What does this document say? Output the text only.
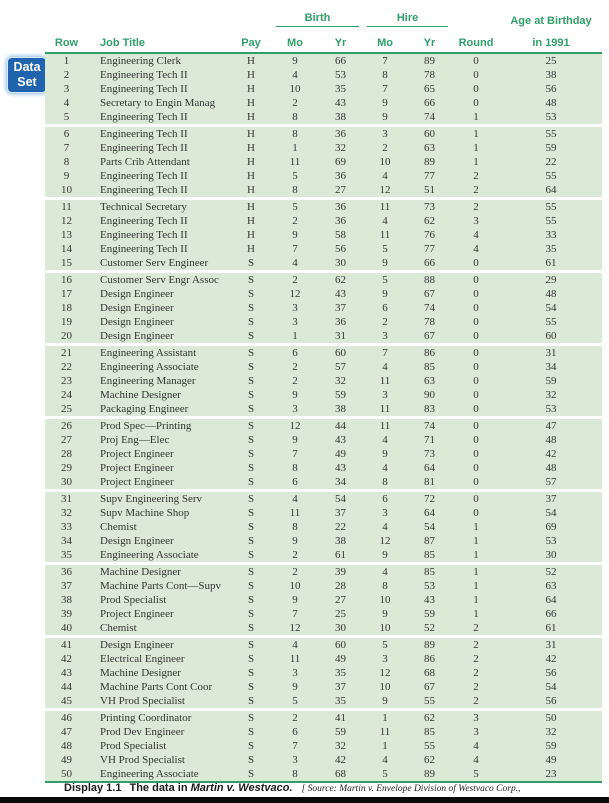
Data
Set

			Birth		Hire			Age at Birthday
Row	Job Title	Pay	Mo	Yr	Mo	Yr	Round	in 1991
1	Engineering Clerk	H	9	66	7	89	0	25
2	Engineering Tech II	H	4	53	8	78	0	38
3	Engineering Tech II	H	10	35	7	65	0	56
4	Secretary to Engin Manag	H	2	43	9	66	0	48
5	Engineering Tech II	H	8	38	9	74	1	53

6	Engineering Tech II	H	8	36	3	60	1	55
7	Engineering Tech II	H	1	32	2	63	1	59
8	Parts Crib Attendant	H	11	69	10	89	1	22
9	Engineering Tech II	H	5	36	4	77	2	55
10	Engineering Tech II	H	8	27	12	51	2	64

11	Technical Secretary	H	5	36	11	73	2	55
12	Engineering Tech II	H	2	36	4	62	3	55
13	Engineering Tech II	H	9	58	11	76	4	33
14	Engineering Tech II	H	7	56	5	77	4	35
15	Customer Serv Engineer	S	4	30	9	66	0	61

16	Customer Serv Engr Assoc	S	2	62	5	88	0	29
17	Design Engineer	S	12	43	9	67	0	48
18	Design Engineer	S	3	37	6	74	0	54
19	Design Engineer	S	3	36	2	78	0	55
20	Design Engineer	S	1	31	3	67	0	60

21	Engineering Assistant	S	6	60	7	86	0	31
22	Engineering Associate	S	2	57	4	85	0	34
23	Engineering Manager	S	2	32	11	63	0	59
24	Machine Designer	S	9	59	3	90	0	32
25	Packaging Engineer	S	3	38	11	83	0	53

26	Prod Spec—Printing	S	12	44	11	74	0	47
27	Proj Eng—Elec	S	9	43	4	71	0	48
28	Project Engineer	S	7	49	9	73	0	42
29	Project Engineer	S	8	43	4	64	0	48
30	Project Engineer	S	6	34	8	81	0	57

31	Supv Engineering Serv	S	4	54	6	72	0	37
32	Supv Machine Shop	S	11	37	3	64	0	54
33	Chemist	S	8	22	4	54	1	69
34	Design Engineer	S	9	38	12	87	1	53
35	Engineering Associate	S	2	61	9	85	1	30

36	Machine Designer	S	2	39	4	85	1	52
37	Machine Parts Cont—Supv	S	10	28	8	53	1	63
38	Prod Specialist	S	9	27	10	43	1	64
39	Project Engineer	S	7	25	9	59	1	66
40	Chemist	S	12	30	10	52	2	61

41	Design Engineer	S	4	60	5	89	2	31
42	Electrical Engineer	S	11	49	3	86	2	42
43	Machine Designer	S	3	35	12	68	2	56
44	Machine Parts Cont Coor	S	9	37	10	67	2	54
45	VH Prod Specialist	S	5	35	9	55	2	56

46	Printing Coordinator	S	2	41	1	62	3	50
47	Prod Dev Engineer	S	6	59	11	85	3	32
48	Prod Specialist	S	7	32	1	55	4	59
49	VH Prod Specialist	S	3	42	4	62	4	49
50	Engineering Associate	S	8	68	5	89	5	23

Display 1.1 The data in Martin v. Westvaco. [ Source: Martin v. Envelope Division of Westvaco Corp.,
